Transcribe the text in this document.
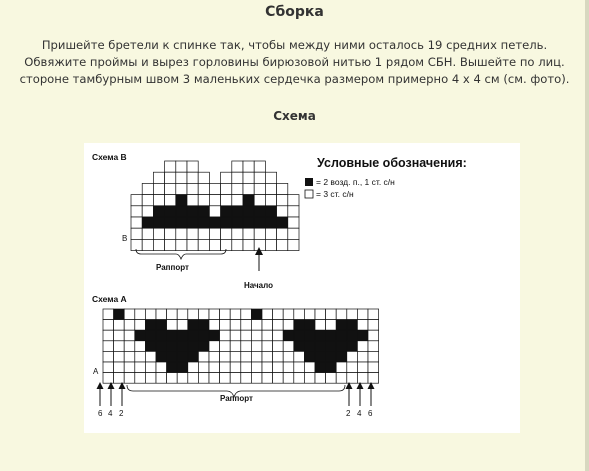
Сборка
Пришейте бретели к спинке так, чтобы между ними осталось 19 средних петель.
Обвяжите проймы и вырез горловины бирюзовой нитью 1 рядом СБН. Вышейте по лиц.
стороне тамбурным швом 3 маленьких сердечка размером примерно 4 х 4 см (см. фото).
Схема
Схема В
В
Раппорт
Начало
Условные обозначения:
= 2 возд. п., 1 ст. с/н
= 3 ст. с/н
Схема А
А
Раппорт
6 4 2	2 4 6
